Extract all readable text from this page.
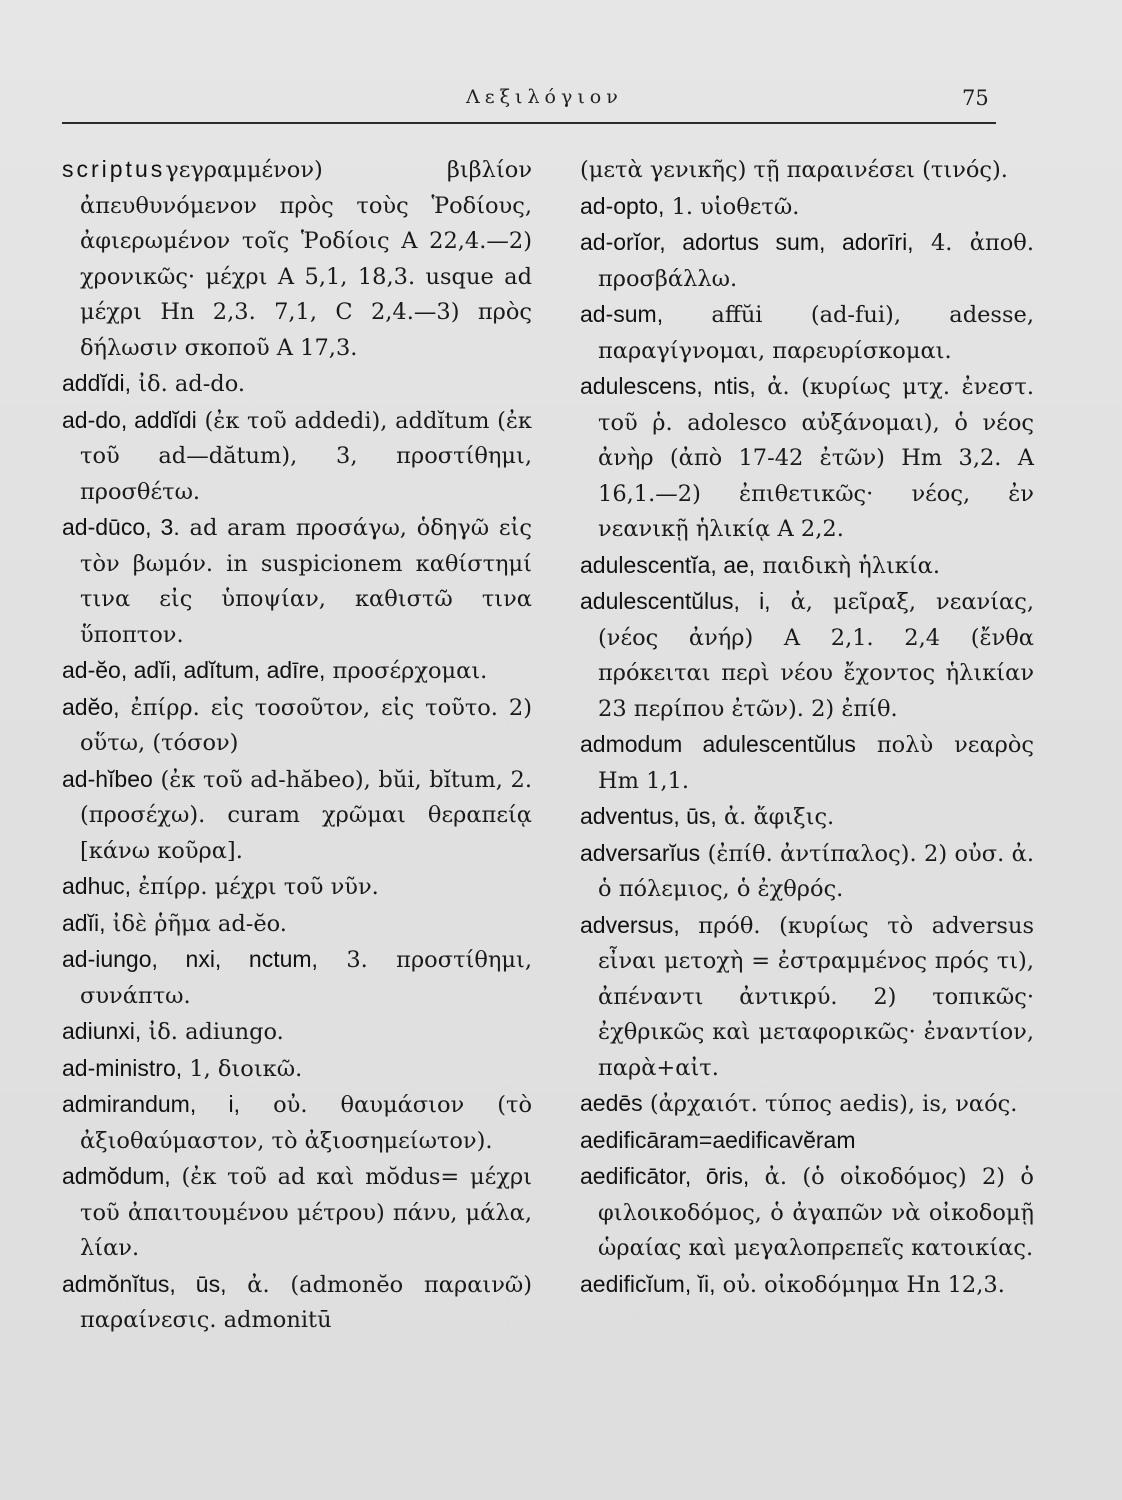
Λεξιλόγιον	75

scriptusγεγραμμένον) βιβλίον ἀπευθυνόμενον πρὸς τοὺς Ῥοδίους, ἀφιερωμένον τοῖς Ῥοδίοις Α 22,4.—2) χρονικῶς· μέχρι Α 5,1, 18,3. usque ad μέχρι Hn 2,3. 7,1, C 2,4.—3) πρὸς δήλωσιν σκοποῦ Α 17,3.

addĭdi, ἰδ. ad-do.

ad-do, addĭdi (ἐκ τοῦ addedi), addĭtum (ἐκ τοῦ ad—dătum), 3, προστίθημι, προσθέτω.

ad-dūco, 3. ad aram προσάγω, ὁδηγῶ εἰς τὸν βωμόν. in suspicionem καθίστημί τινα εἰς ὑποψίαν, καθιστῶ τινα ὕποπτον.

ad-ĕo, adĭi, adĭtum, adīre, προσέρχομαι.

adĕo, ἐπίρρ. εἰς τοσοῦτον, εἰς τοῦτο. 2) οὕτω, (τόσον)

ad-hĭbeo (ἐκ τοῦ ad-hăbeo), bŭi, bĭtum, 2. (προσέχω). curam χρῶμαι θεραπείᾳ [κάνω κοῦρα].

adhuc, ἐπίρρ. μέχρι τοῦ νῦν.

adĭi, ἰδὲ ῥῆμα ad-ĕo.

ad-iungo, nxi, nctum, 3. προστίθημι, συνάπτω.

adiunxi, ἰδ. adiungo.

ad-ministro, 1, διοικῶ.

admirandum, i, οὐ. θαυμάσιον (τὸ ἀξιοθαύμαστον, τὸ ἀξιοσημείωτον).

admŏdum, (ἐκ τοῦ ad καὶ mŏdus= μέχρι τοῦ ἀπαιτουμένου μέτρου) πάνυ, μάλα, λίαν.

admŏnĭtus, ūs, ἀ. (admonĕo παραινῶ) παραίνεσις. admonitū

(μετὰ γενικῆς) τῇ παραινέσει (τινός).

ad-opto, 1. υἱοθετῶ.

ad-orĭor, adortus sum, adorīri, 4. ἀποθ. προσβάλλω.

ad-sum, affŭi (ad-fui), adesse, παραγίγνομαι, παρευρίσκομαι.

adulescens, ntis, ἀ. (κυρίως μτχ. ἐνεστ. τοῦ ῥ. adolesco αὐξάνομαι), ὁ νέος ἀνὴρ (ἀπὸ 17-42 ἐτῶν) Hm 3,2. Α 16,1.—2) ἐπιθετικῶς· νέος, ἐν νεανικῇ ἡλικίᾳ Α 2,2.

adulescentĭa, ae, παιδικὴ ἡλικία.

adulescentŭlus, i, ἀ, μεῖραξ, νεανίας, (νέος ἀνήρ) Α 2,1. 2,4 (ἔνθα πρόκειται περὶ νέου ἔχοντος ἡλικίαν 23 περίπου ἐτῶν). 2) ἐπίθ.

admodum adulescentŭlus πολὺ νεαρὸς Hm 1,1.

adventus, ūs, ἀ. ἄφιξις.

adversarĭus (ἐπίθ. ἀντίπαλος). 2) οὐσ. ἀ. ὁ πόλεμιος, ὁ ἐχθρός.

adversus, πρόθ. (κυρίως τὸ adversus εἶναι μετοχὴ = ἐστραμμένος πρός τι), ἀπέναντι ἀντικρύ. 2) τοπικῶς· ἐχθρικῶς καὶ μεταφορικῶς· ἐναντίον, παρὰ+αἰτ.

aedēs (ἀρχαιότ. τύπος aedis), is, ναός.

aedificāram=aedificavĕram

aedificātor, ōris, ἀ. (ὁ οἰκοδόμος) 2) ὁ φιλοικοδόμος, ὁ ἀγαπῶν νὰ οἰκοδομῇ ὡραίας καὶ μεγαλοπρεπεῖς κατοικίας.

aedificĭum, ĭi, οὐ. οἰκοδόμημα Hn 12,3.
